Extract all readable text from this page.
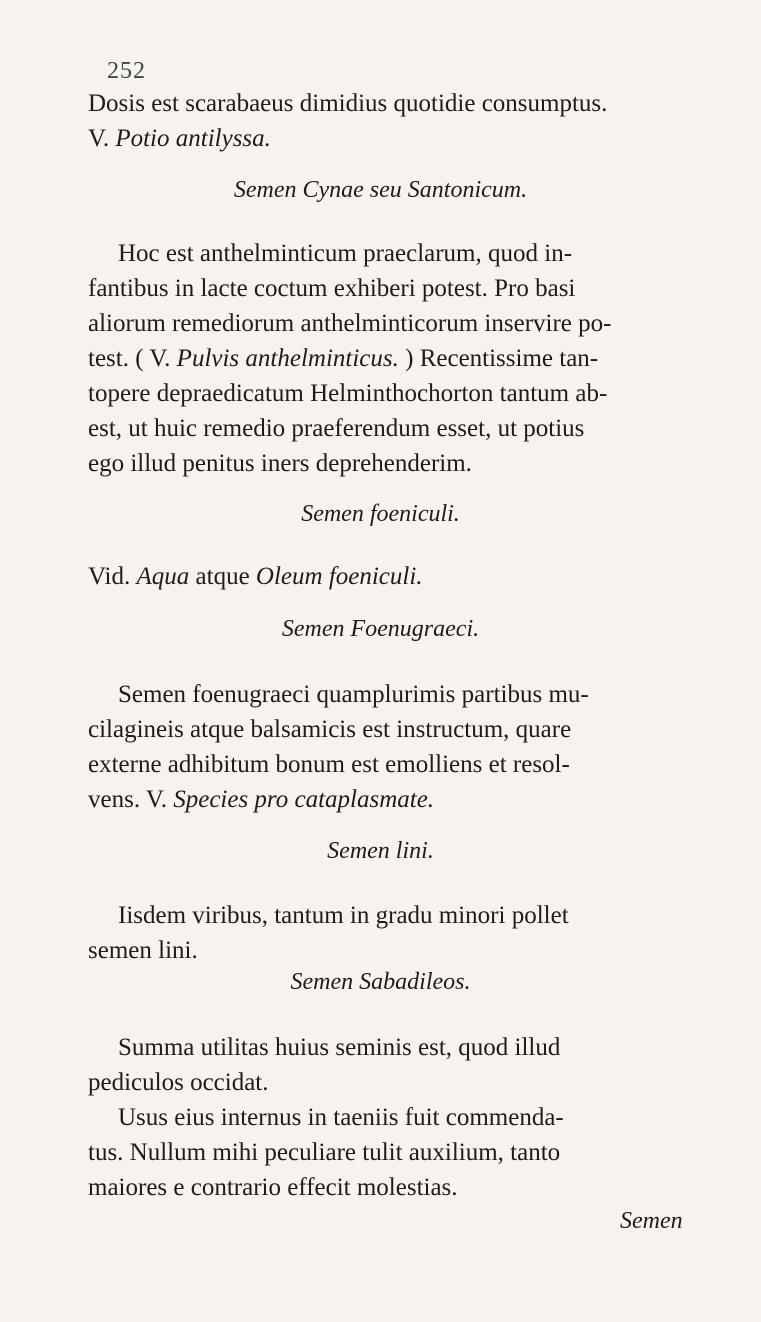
252
Dosis est scarabaeus dimidius quotidie consumptus.
V. Potio antilyssa.
Semen Cynae seu Santonicum.
Hoc est anthelminticum praeclarum, quod in-
fantibus in lacte coctum exhiberi potest. Pro basi
aliorum remediorum anthelminticorum inservire po-
test. ( V. Pulvis anthelminticus. ) Recentissime tan-
topere depraedicatum Helminthochorton tantum ab-
est, ut huic remedio praeferendum esset, ut potius
ego illud penitus iners deprehenderim.
Semen foeniculi.
Vid. Aqua atque Oleum foeniculi.
Semen Foenugraeci.
Semen foenugraeci quamplurimis partibus mu-
cilagineis atque balsamicis est instructum, quare
externe adhibitum bonum est emolliens et resol-
vens. V. Species pro cataplasmate.
Semen lini.
Iisdem viribus, tantum in gradu minori pollet
semen lini.
Semen Sabadileos.
Summa utilitas huius seminis est, quod illud
pediculos occidat.
Usus eius internus in taeniis fuit commenda-
tus. Nullum mihi peculiare tulit auxilium, tanto
maiores e contrario effecit molestias.
Semen
